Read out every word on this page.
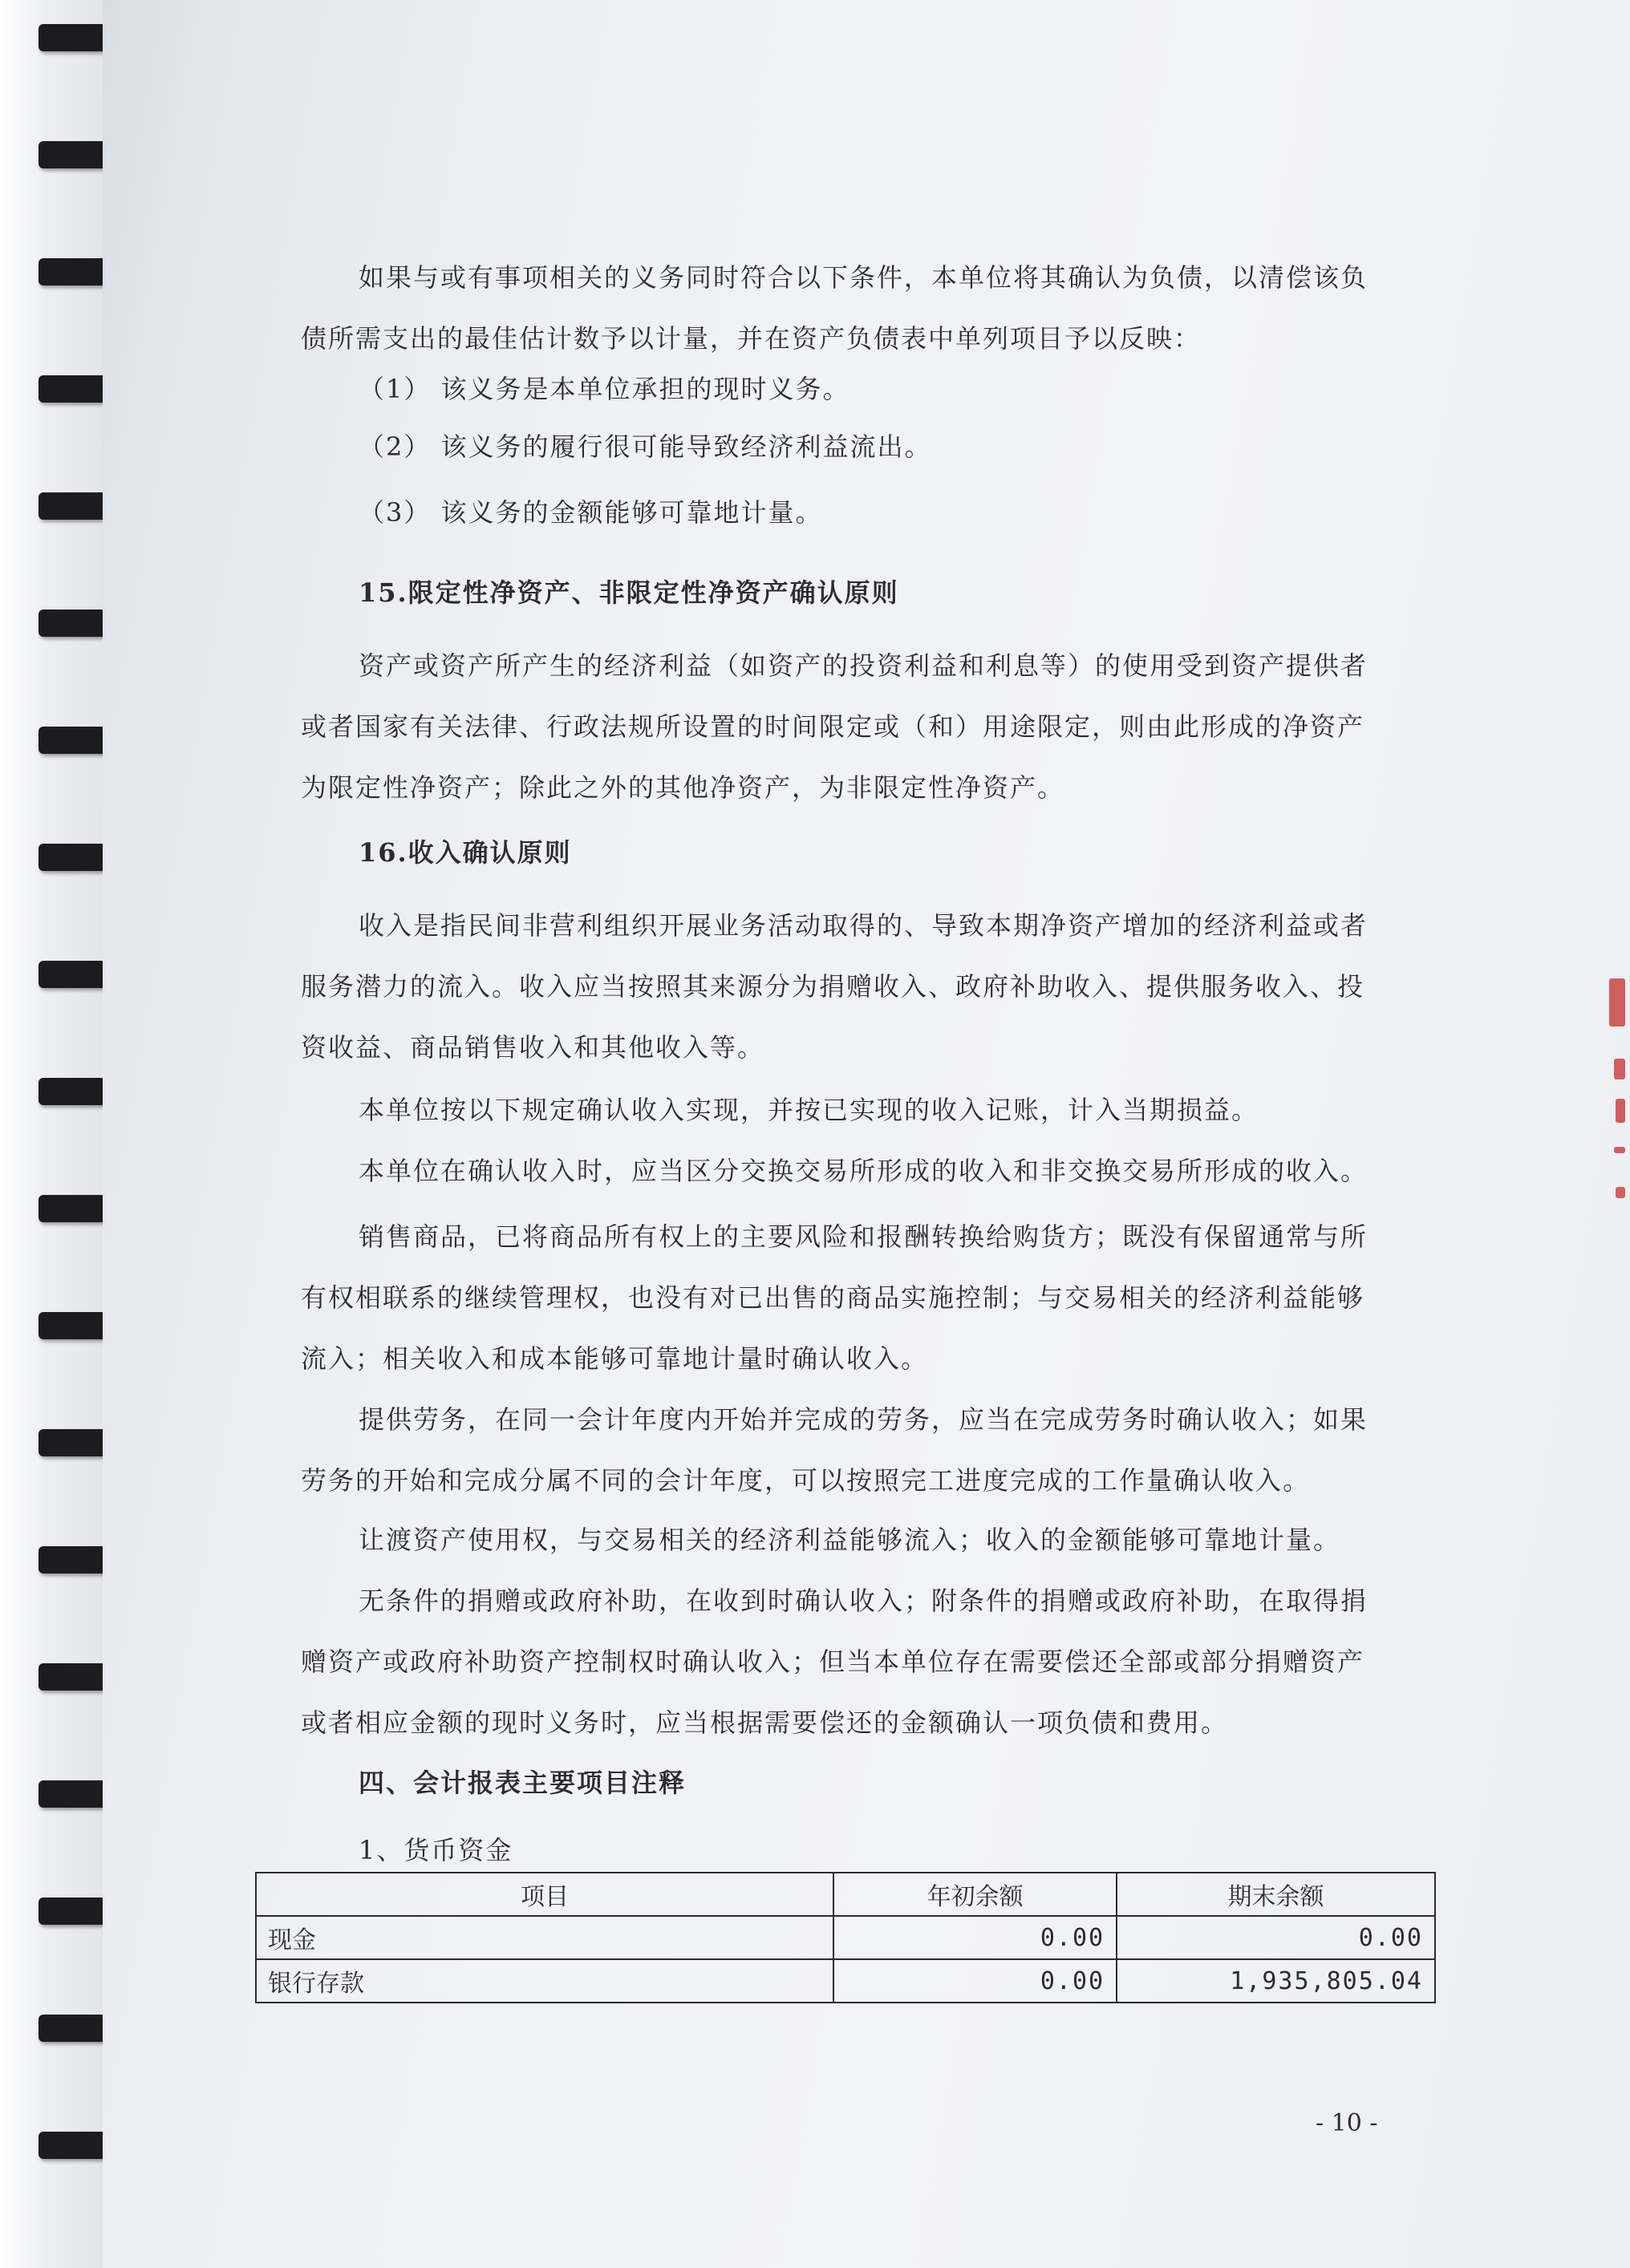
如果与或有事项相关的义务同时符合以下条件，本单位将其确认为负债，以清偿该负债所需支出的最佳估计数予以计量，并在资产负债表中单列项目予以反映：

（1） 该义务是本单位承担的现时义务。

（2） 该义务的履行很可能导致经济利益流出。

（3） 该义务的金额能够可靠地计量。

15.限定性净资产、非限定性净资产确认原则

资产或资产所产生的经济利益（如资产的投资利益和利息等）的使用受到资产提供者或者国家有关法律、行政法规所设置的时间限定或（和）用途限定，则由此形成的净资产为限定性净资产；除此之外的其他净资产，为非限定性净资产。

16.收入确认原则

收入是指民间非营利组织开展业务活动取得的、导致本期净资产增加的经济利益或者服务潜力的流入。收入应当按照其来源分为捐赠收入、政府补助收入、提供服务收入、投资收益、商品销售收入和其他收入等。

本单位按以下规定确认收入实现，并按已实现的收入记账，计入当期损益。

本单位在确认收入时，应当区分交换交易所形成的收入和非交换交易所形成的收入。

销售商品，已将商品所有权上的主要风险和报酬转换给购货方；既没有保留通常与所有权相联系的继续管理权，也没有对已出售的商品实施控制；与交易相关的经济利益能够流入；相关收入和成本能够可靠地计量时确认收入。

提供劳务，在同一会计年度内开始并完成的劳务，应当在完成劳务时确认收入；如果劳务的开始和完成分属不同的会计年度，可以按照完工进度完成的工作量确认收入。

让渡资产使用权，与交易相关的经济利益能够流入；收入的金额能够可靠地计量。

无条件的捐赠或政府补助，在收到时确认收入；附条件的捐赠或政府补助，在取得捐赠资产或政府补助资产控制权时确认收入；但当本单位存在需要偿还全部或部分捐赠资产或者相应金额的现时义务时，应当根据需要偿还的金额确认一项负债和费用。

四、会计报表主要项目注释

1、货币资金

项目	年初余额	期末余额
现金	0.00	0.00
银行存款	0.00	1,935,805.04
- 10 -
